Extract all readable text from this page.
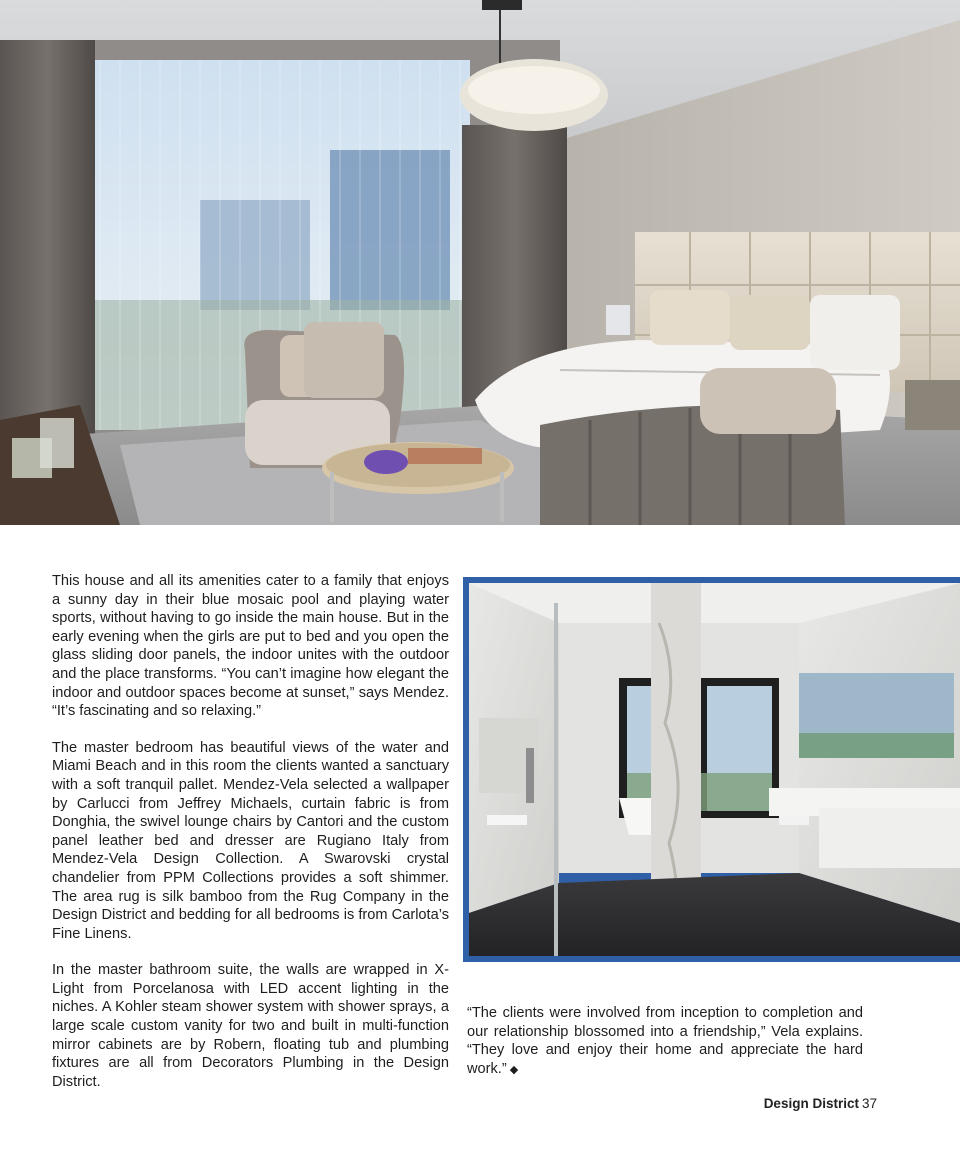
This house and all its amenities cater to a family that enjoys a sunny day in their blue mosaic pool and playing water sports, without having to go inside the main house. But in the early evening when the girls are put to bed and you open the glass sliding door panels, the indoor unites with the outdoor and the place transforms. “You can’t imagine how elegant the indoor and outdoor spaces become at sunset,” says Mendez. “It’s fascinating and so relaxing.”

The master bedroom has beautiful views of the water and Miami Beach and in this room the clients wanted a sanctuary with a soft tranquil pallet. Mendez-Vela selected a wallpaper by Carlucci from Jeffrey Michaels, curtain fabric is from Donghia, the swivel lounge chairs by Cantori and the custom panel leather bed and dresser are Rugiano Italy from Mendez-Vela Design Collection. A Swarovski crystal chandelier from PPM Collections provides a soft shimmer. The area rug is silk bamboo from the Rug Company in the Design District and bedding for all bedrooms is from Carlota’s Fine Linens.

In the master bathroom suite, the walls are wrapped in X-Light from Porcelanosa with LED accent lighting in the niches. A Kohler steam shower system with shower sprays, a large scale custom vanity for two and built in multi-function mirror cabinets are by Robern, floating tub and plumbing fixtures are all from Decorators Plumbing in the Design District.

“The clients were involved from inception to completion and our relationship blossomed into a friendship,” Vela explains. “They love and enjoy their home and appreciate the hard work.” ◆

Design District 37
